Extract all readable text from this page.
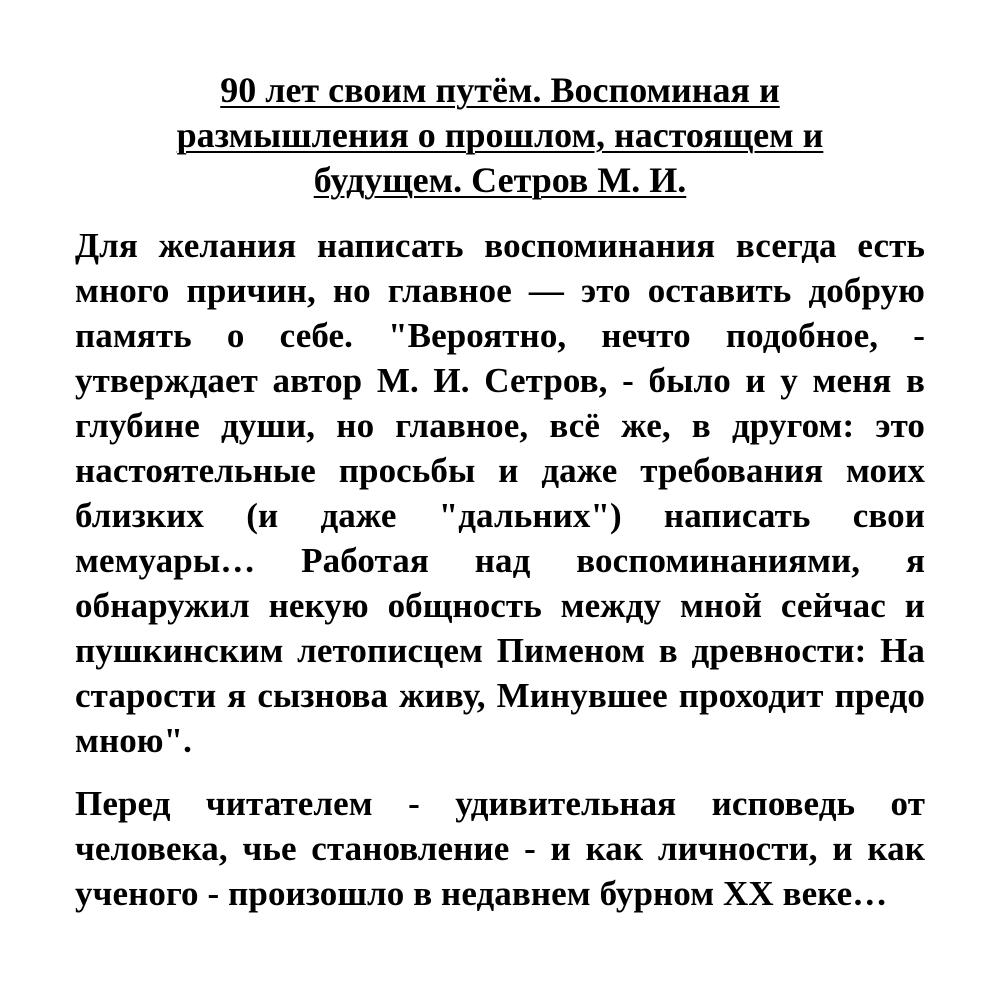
90 лет своим путём. Воспоминая и размышления о прошлом, настоящем и будущем. Сетров М. И.

Для желания написать воспоминания всегда есть много причин, но главное — это оставить добрую память о себе. "Вероятно, нечто подобное, - утверждает автор М. И. Сетров, - было и у меня в глубине души, но главное, всё же, в другом: это настоятельные просьбы и даже требования моих близких (и даже "дальних") написать свои мемуары… Работая над воспоминаниями, я обнаружил некую общность между мной сейчас и пушкинским летописцем Пименом в древности: На старости я сызнова живу, Минувшее проходит предо мною".

Перед читателем - удивительная исповедь от человека, чье становление - и как личности, и как ученого - произошло в недавнем бурном XX веке…
